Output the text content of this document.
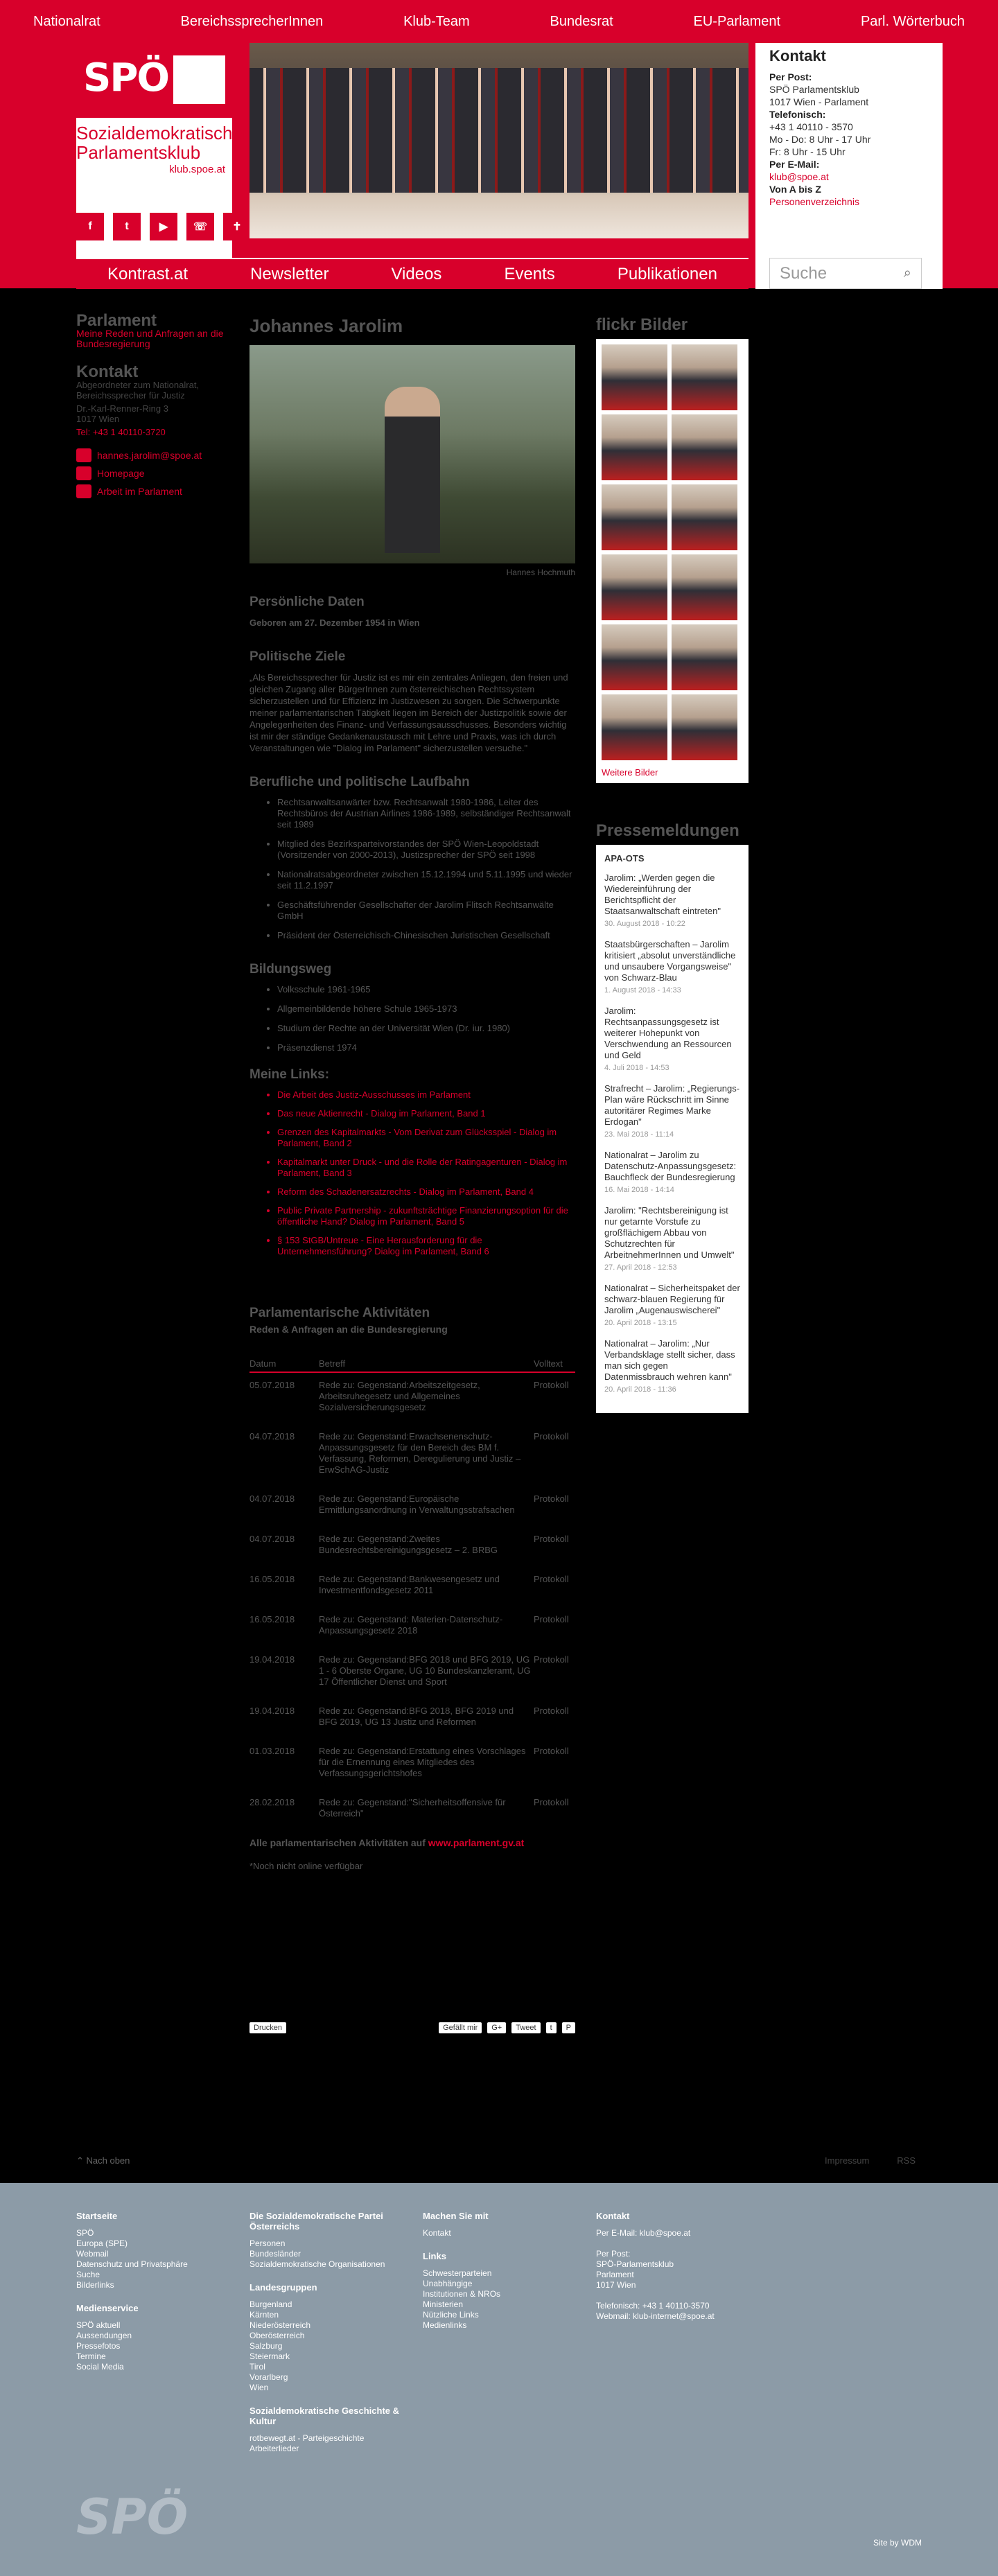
Nationalrat	BereichssprecherInnen	Klub-Team	Bundesrat	EU-Parlament	Parl. Wörterbuch
SPÖ
Sozialdemokratischer
Parlamentsklub
klub.spoe.at
f	t	▶	☏	✝
Kontakt
Per Post:
SPÖ Parlamentsklub
1017 Wien - Parlament
Telefonisch:
+43 1 40110 - 3570
Mo - Do: 8 Uhr - 17 Uhr
Fr: 8 Uhr - 15 Uhr
Per E-Mail:
klub@spoe.at
Von A bis Z
Personenverzeichnis
Kontrast.at	Newsletter	Videos	Events	Publikationen	Suche	⌕
Parlament
Meine Reden und Anfragen an die Bundesregierung
Kontakt
Abgeordneter zum Nationalrat, Bereichssprecher für Justiz
Dr.-Karl-Renner-Ring 3
1017 Wien
Tel: +43 1 40110-3720
hannes.jarolim@spoe.at
Homepage
Arbeit im Parlament
Johannes Jarolim
Hannes Hochmuth
Persönliche Daten

Geboren am 27. Dezember 1954 in Wien

Politische Ziele

„Als Bereichssprecher für Justiz ist es mir ein zentrales Anliegen, den freien und gleichen Zugang aller BürgerInnen zum österreichischen Rechtssystem sicherzustellen und für Effizienz im Justizwesen zu sorgen. Die Schwerpunkte meiner parlamentarischen Tätigkeit liegen im Bereich der Justizpolitik sowie der Angelegenheiten des Finanz- und Verfassungsausschusses. Besonders wichtig ist mir der ständige Gedankenaustausch mit Lehre und Praxis, was ich durch Veranstaltungen wie "Dialog im Parlament" sicherzustellen versuche."

Berufliche und politische Laufbahn
• Rechtsanwaltsanwärter bzw. Rechtsanwalt 1980-1986, Leiter des Rechtsbüros der Austrian Airlines 1986-1989, selbständiger Rechtsanwalt seit 1989
• Mitglied des Bezirksparteivorstandes der SPÖ Wien-Leopoldstadt (Vorsitzender von 2000-2013), Justizsprecher der SPÖ seit 1998
• Nationalratsabgeordneter zwischen 15.12.1994 und 5.11.1995 und wieder seit 11.2.1997
• Geschäftsführender Gesellschafter der Jarolim Flitsch Rechtsanwälte GmbH
• Präsident der Österreichisch-Chinesischen Juristischen Gesellschaft
Bildungsweg
• Volksschule 1961-1965
• Allgemeinbildende höhere Schule 1965-1973
• Studium der Rechte an der Universität Wien (Dr. iur. 1980)
• Präsenzdienst 1974
Meine Links:
• Die Arbeit des Justiz-Ausschusses im Parlament
• Das neue Aktienrecht - Dialog im Parlament, Band 1
• Grenzen des Kapitalmarkts - Vom Derivat zum Glücksspiel - Dialog im Parlament, Band 2
• Kapitalmarkt unter Druck - und die Rolle der Ratingagenturen - Dialog im Parlament, Band 3
• Reform des Schadenersatzrechts - Dialog im Parlament, Band 4
• Public Private Partnership - zukunftsträchtige Finanzierungsoption für die öffentliche Hand? Dialog im Parlament, Band 5
• § 153 StGB/Untreue - Eine Herausforderung für die Unternehmensführung? Dialog im Parlament, Band 6
Parlamentarische Aktivitäten
Reden & Anfragen an die Bundesregierung
Datum	Betreff	Volltext
05.07.2018	Rede zu: Gegenstand:Arbeitszeitgesetz, Arbeitsruhegesetz und Allgemeines Sozialversicherungsgesetz	Protokoll
04.07.2018	Rede zu: Gegenstand:Erwachsenenschutz-Anpassungsgesetz für den Bereich des BM f. Verfassung, Reformen, Deregulierung und Justiz – ErwSchAG-Justiz	Protokoll
04.07.2018	Rede zu: Gegenstand:Europäische Ermittlungsanordnung in Verwaltungsstrafsachen	Protokoll
04.07.2018	Rede zu: Gegenstand:Zweites Bundesrechtsbereinigungsgesetz – 2. BRBG	Protokoll
16.05.2018	Rede zu: Gegenstand:Bankwesengesetz und Investmentfondsgesetz 2011	Protokoll
16.05.2018	Rede zu: Gegenstand: Materien-Datenschutz-Anpassungsgesetz 2018	Protokoll
19.04.2018	Rede zu: Gegenstand:BFG 2018 und BFG 2019, UG 1 - 6 Oberste Organe, UG 10 Bundeskanzleramt, UG 17 Öffentlicher Dienst und Sport	Protokoll
19.04.2018	Rede zu: Gegenstand:BFG 2018, BFG 2019 und BFG 2019, UG 13 Justiz und Reformen	Protokoll
01.03.2018	Rede zu: Gegenstand:Erstattung eines Vorschlages für die Ernennung eines Mitgliedes des Verfassungsgerichtshofes	Protokoll
28.02.2018	Rede zu: Gegenstand:"Sicherheitsoffensive für Österreich"	Protokoll
Alle parlamentarischen Aktivitäten auf www.parlament.gv.at
*Noch nicht online verfügbar
Drucken	Gefällt mir	G+	Tweet	t	P
flickr Bilder
Weitere Bilder
Pressemeldungen
APA-OTS
Jarolim: „Werden gegen die Wiedereinführung der Berichtspflicht der Staatsanwaltschaft eintreten"
30. August 2018 - 10:22
Staatsbürgerschaften – Jarolim kritisiert „absolut unverständliche und unsaubere Vorgangsweise" von Schwarz-Blau
1. August 2018 - 14:33
Jarolim: Rechtsanpassungsgesetz ist weiterer Hohepunkt von Verschwendung an Ressourcen und Geld
4. Juli 2018 - 14:53
Strafrecht – Jarolim: „Regierungs-Plan wäre Rückschritt im Sinne autoritärer Regimes Marke Erdogan"
23. Mai 2018 - 11:14
Nationalrat – Jarolim zu Datenschutz-Anpassungsgesetz: Bauchfleck der Bundesregierung
16. Mai 2018 - 14:14
Jarolim: "Rechtsbereinigung ist nur getarnte Vorstufe zu großflächigem Abbau von Schutzrechten für ArbeitnehmerInnen und Umwelt"
27. April 2018 - 12:53
Nationalrat – Sicherheitspaket der schwarz-blauen Regierung für Jarolim „Augenauswischerei"
20. April 2018 - 13:15
Nationalrat – Jarolim: „Nur Verbandsklage stellt sicher, dass man sich gegen Datenmissbrauch wehren kann"
20. April 2018 - 11:36
⌃ Nach oben	Impressum	RSS
Startseite
SPÖ
Europa (SPE)
Webmail
Datenschutz und Privatsphäre
Suche
Bilderlinks
Medienservice
SPÖ aktuell
Aussendungen
Pressefotos
Termine
Social Media
Die Sozialdemokratische Partei Österreichs
Personen
Bundesländer
Sozialdemokratische Organisationen
Landesgruppen
Burgenland
Kärnten
Niederösterreich
Oberösterreich
Salzburg
Steiermark
Tirol
Vorarlberg
Wien
Sozialdemokratische Geschichte & Kultur
rotbewegt.at - Parteigeschichte
Arbeiterlieder
Machen Sie mit
Kontakt
Links
Schwesterparteien
Unabhängige
Institutionen & NROs
Ministerien
Nützliche Links
Medienlinks
Kontakt
Per E-Mail: klub@spoe.at
Per Post:
SPÖ-Parlamentsklub
Parlament
1017 Wien
Telefonisch: +43 1 40110-3570
Webmail: klub-internet@spoe.at
SPÖ	Site by WDM
